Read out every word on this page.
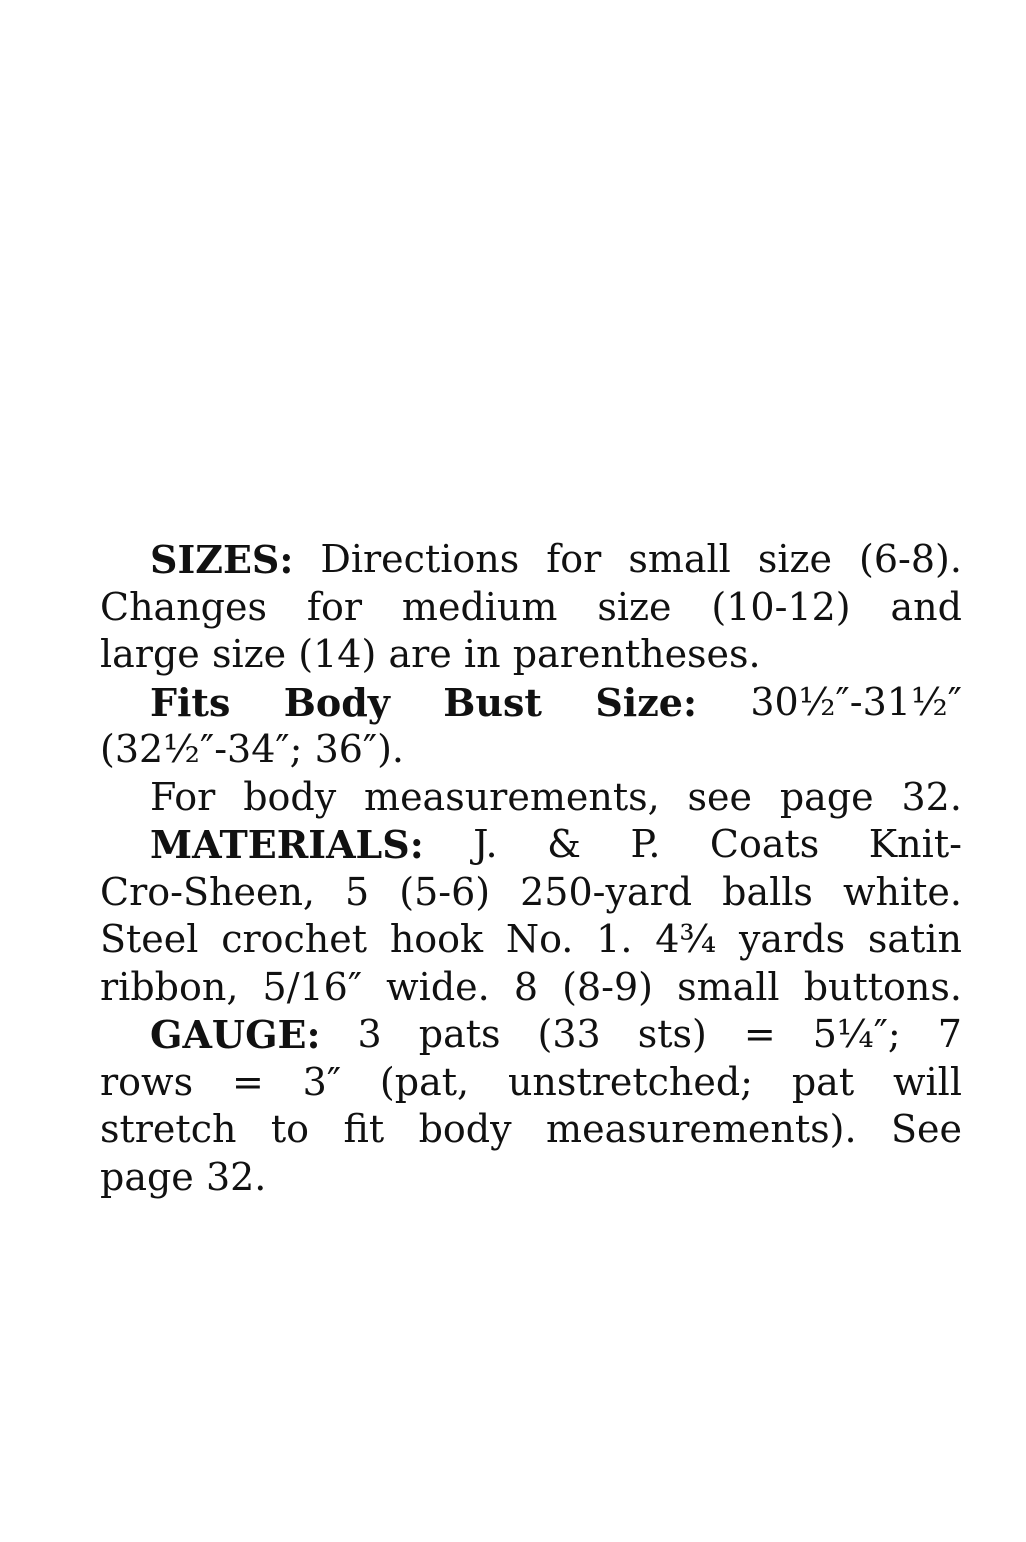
SIZES: Directions for small size (6-8).
Changes for medium size (10-12) and
large size (14) are in parentheses.
Fits Body Bust Size: 30½″-31½″
(32½″-34″; 36″).
For body measurements, see page 32.
MATERIALS: J. & P. Coats Knit-
Cro-Sheen, 5 (5-6) 250-yard balls white.
Steel crochet hook No. 1. 4¾ yards satin
ribbon, 5/16″ wide. 8 (8-9) small buttons.
GAUGE: 3 pats (33 sts) = 5¼″; 7
rows = 3″ (pat, unstretched; pat will
stretch to fit body measurements). See
page 32.
